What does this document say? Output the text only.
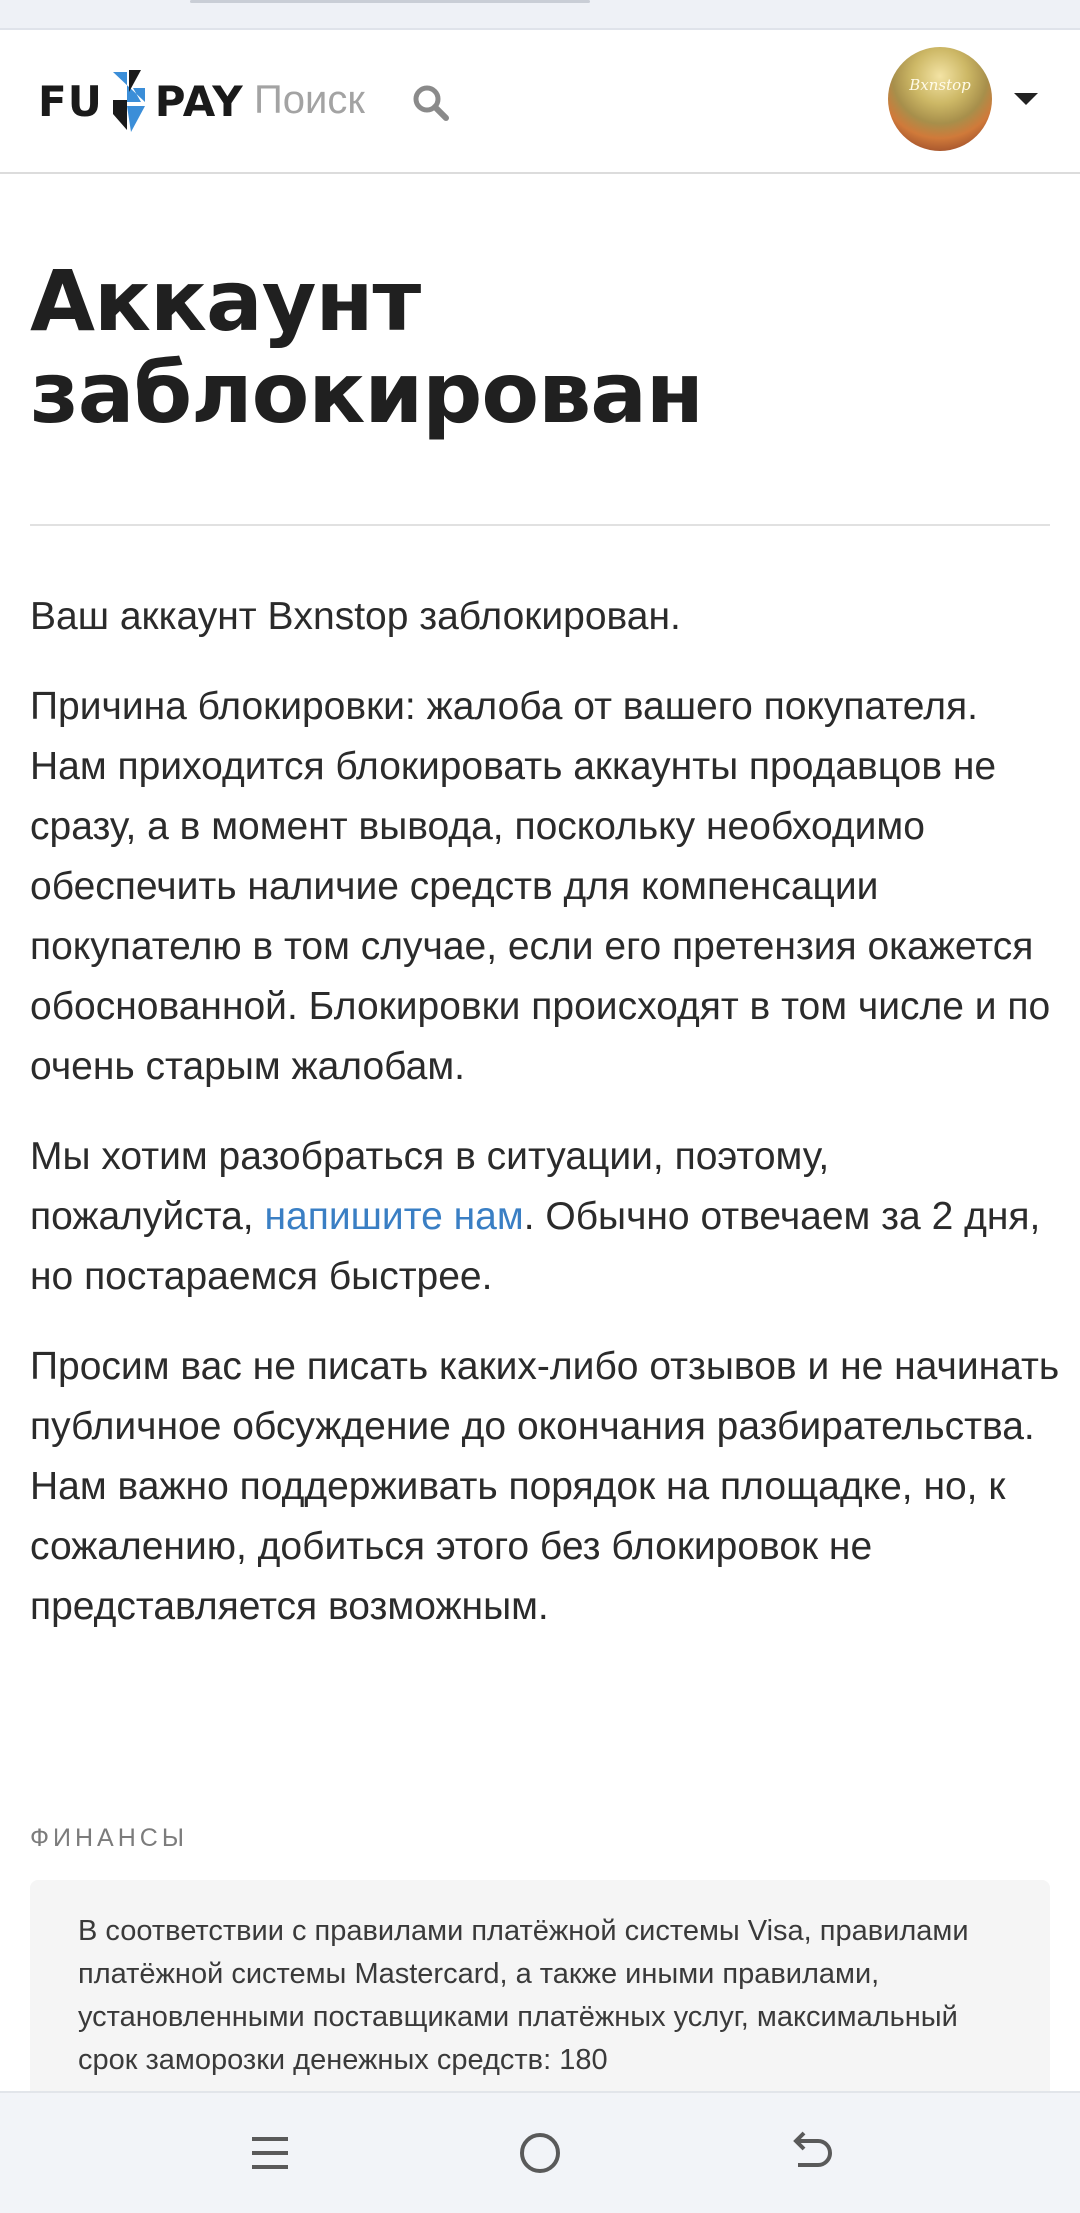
FU PAY Поиск	Bxnstop
Аккаунт
заблокирован

Ваш аккаунт Bxnstop заблокирован.

Причина блокировки: жалоба от вашего покупателя. Нам приходится блокировать аккаунты продавцов не сразу, а в момент вывода, поскольку необходимо обеспечить наличие средств для компенсации покупателю в том случае, если его претензия окажется обоснованной. Блокировки происходят в том числе и по очень старым жалобам.

Мы хотим разобраться в ситуации, поэтому, пожалуйста, напишите нам. Обычно отвечаем за 2 дня, но постараемся быстрее.

Просим вас не писать каких-либо отзывов и не начинать публичное обсуждение до окончания разбирательства. Нам важно поддерживать порядок на площадке, но, к сожалению, добиться этого без блокировок не представляется возможным.

ФИНАНСЫ
В соответствии с правилами платёжной системы Visa, правилами платёжной системы Mastercard, а также иными правилами, установленными поставщиками платёжных услуг, максимальный срок заморозки денежных средств: 180
